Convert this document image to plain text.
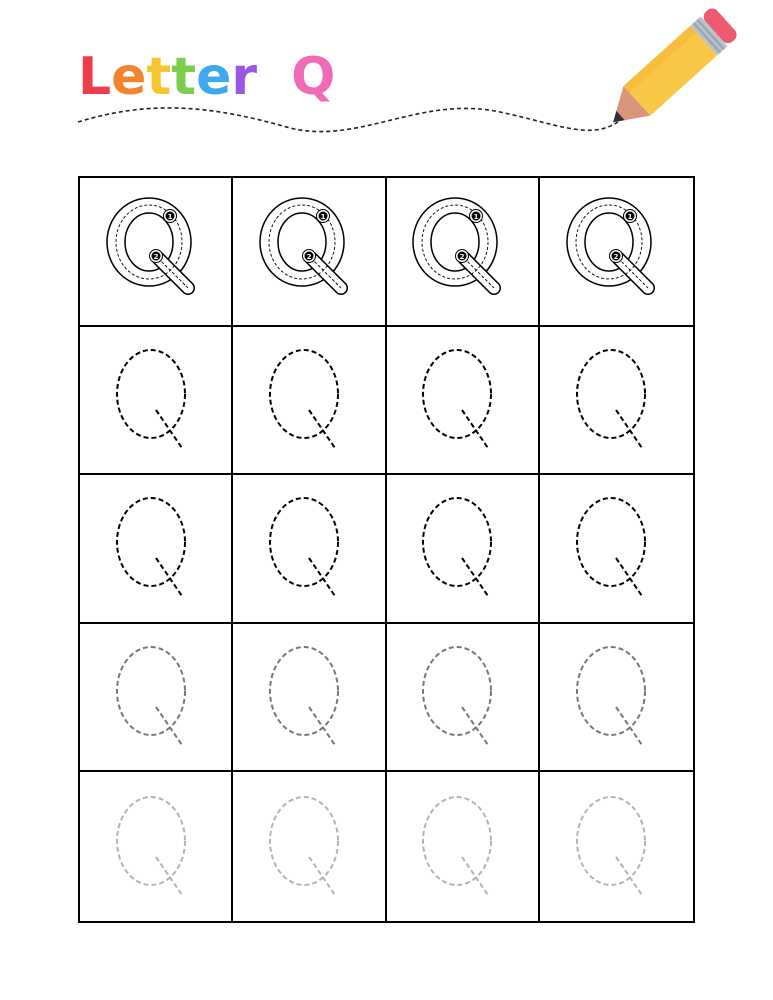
Letter Q
1
2
1
2
1
2
1
2
